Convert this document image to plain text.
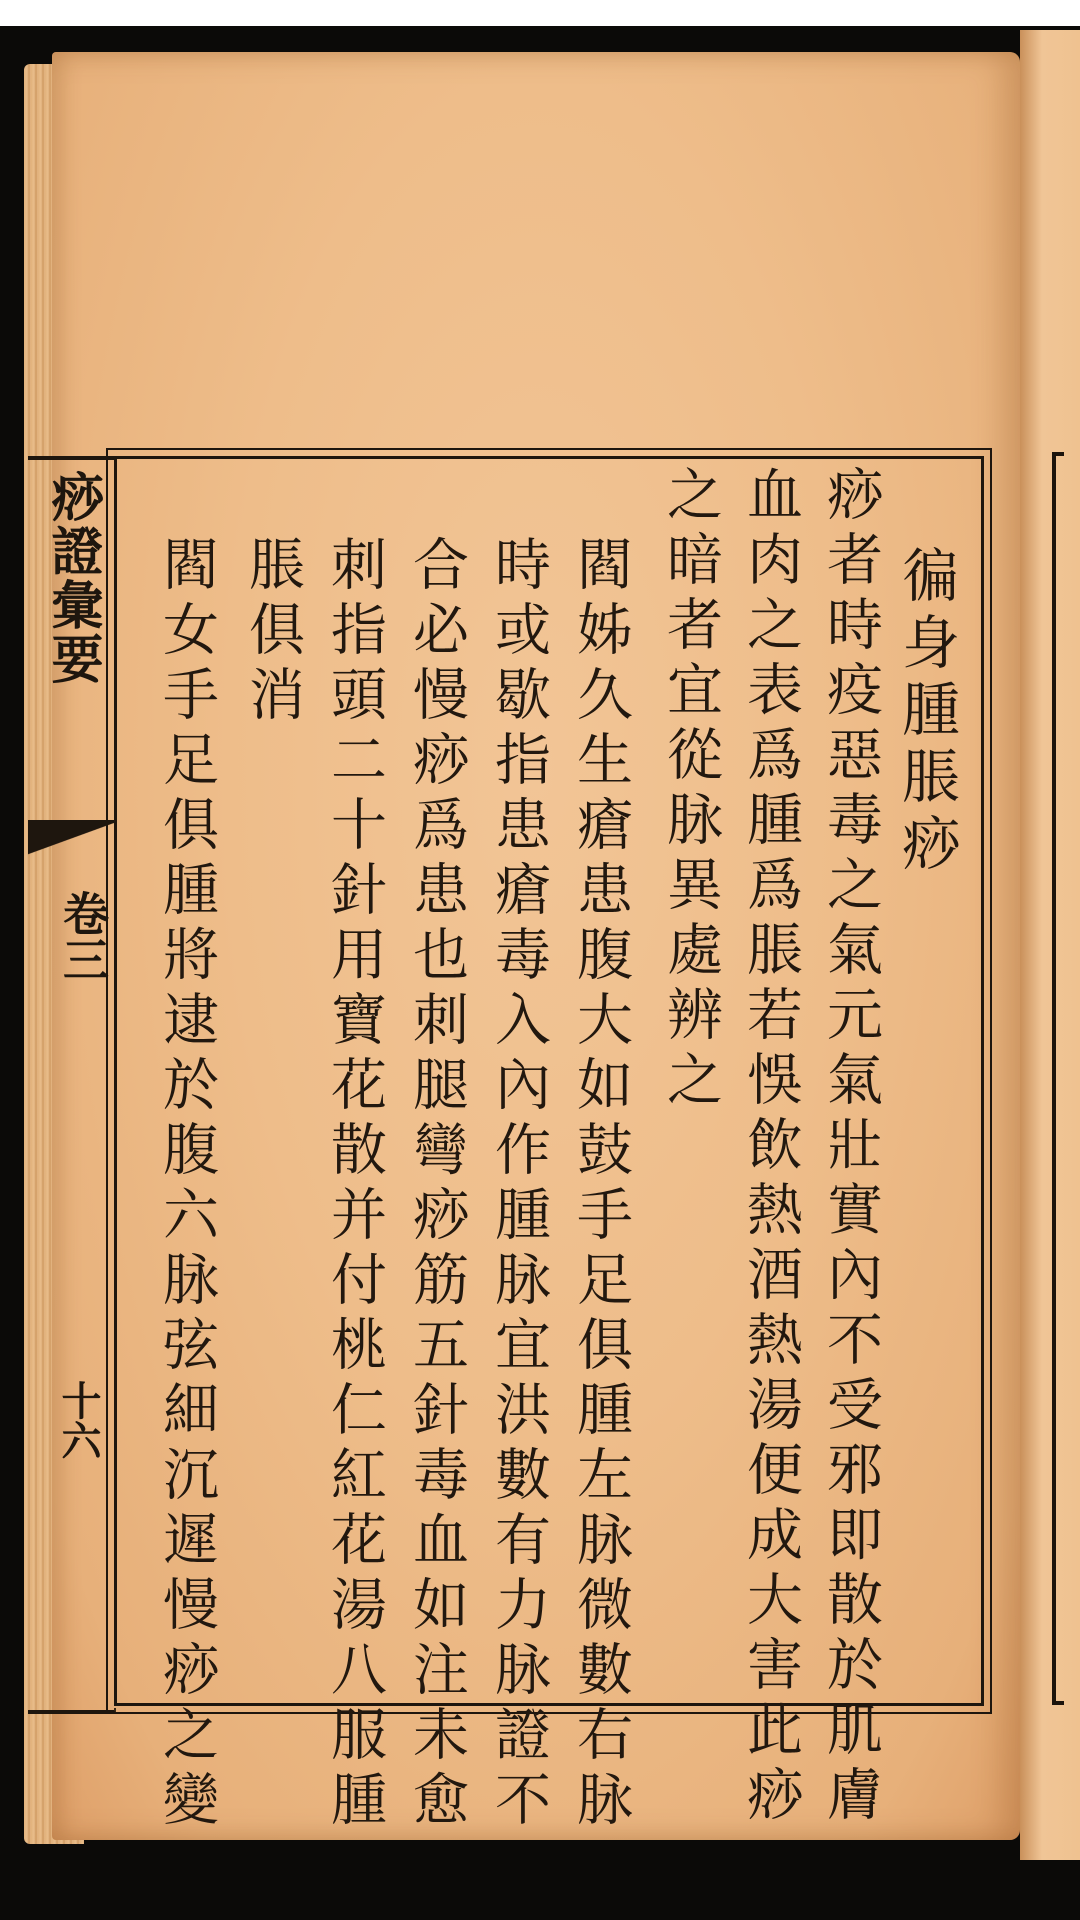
痧證彙要
卷三
十六
徧身腫脹痧
痧者時疫惡毒之氣元氣壯實內不受邪即散於肌膚
血肉之表爲腫爲脹若悞飲熱酒熱湯便成大害此痧
之暗者宜從脉異處辨之
閻姊久生瘡患腹大如鼓手足俱腫左脉微數右脉
時或歇指患瘡毒入內作腫脉宜洪數有力脉證不
合必慢痧爲患也刺腿彎痧筋五針毒血如注未愈
刺指頭二十針用寶花散并付桃仁紅花湯八服腫
脹俱消
閻女手足俱腫將逮於腹六脉弦細沉遲慢痧之變
